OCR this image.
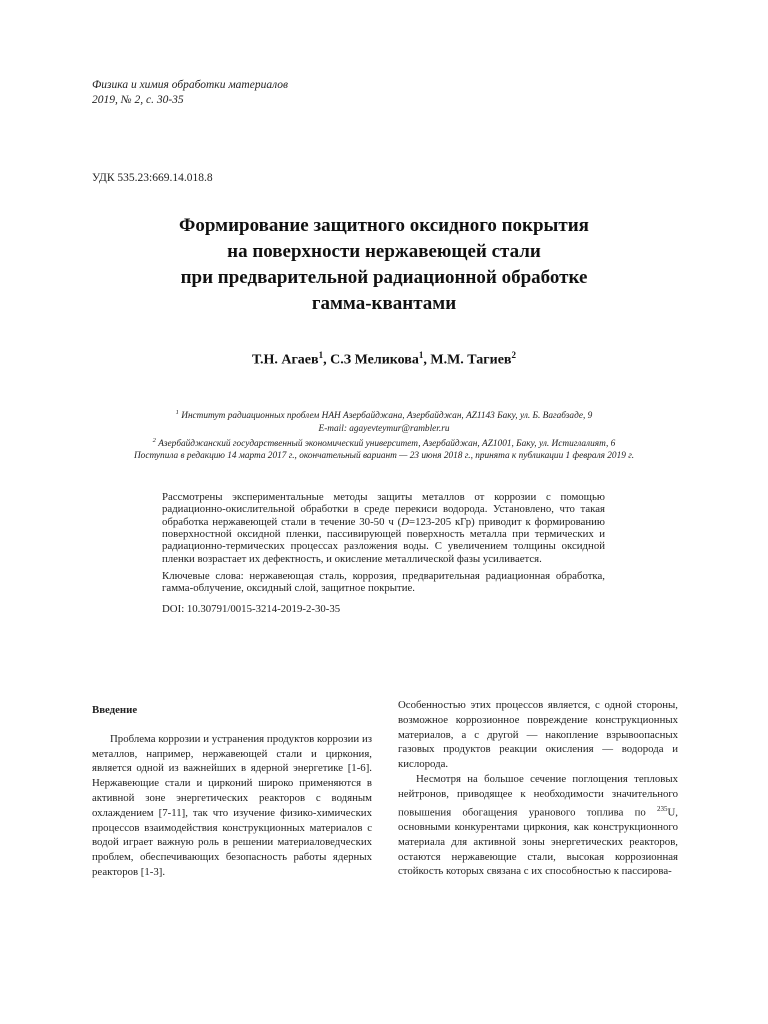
Физика и химия обработки материалов
2019, № 2, с. 30-35
УДК 535.23:669.14.018.8
Формирование защитного оксидного покрытия
на поверхности нержавеющей стали
при предварительной радиационной обработке
гамма-квантами
Т.Н. Агаев$^1$, С.З Меликова$^1$, М.М. Тагиев$^2$
$^1$ Институт радиационных проблем НАН Азербайджана, Азербайджан, AZ1143 Баку, ул. Б. Вагабзаде, 9
E-mail: agayevteymur@rambler.ru
$^2$ Азербайджанский государственный экономический университет, Азербайджан, AZ1001, Баку, ул. Истиглалият, 6
Поступила в редакцию 14 марта 2017 г., окончательный вариант — 23 июня 2018 г., принята к публикации 1 февраля 2019 г.

Рассмотрены экспериментальные методы защиты металлов от коррозии с помощью радиационно-окислительной обработки в среде перекиси водорода. Установлено, что такая обработка нержавеющей стали в течение 30-50 ч (D=123-205 кГр) приводит к формированию поверхностной оксидной пленки, пассивирующей поверхность металла при термических и радиационно-термических процессах разложения воды. С увеличением толщины оксидной пленки возрастает их дефектность, и окисление металлической фазы усиливается.

Ключевые слова: нержавеющая сталь, коррозия, предварительная радиационная обработка, гамма-облучение, оксидный слой, защитное покрытие.

DOI: 10.30791/0015-3214-2019-2-30-35

Введение

Проблема коррозии и устранения продуктов коррозии из металлов, например, нержавеющей стали и циркония, является одной из важнейших в ядерной энергетике [1-6]. Нержавеющие стали и цирконий широко применяются в активной зоне энергетических реакторов с водяным охлаждением [7-11], так что изучение физико-химических процессов взаимодействия конструкционных материалов с водой играет важную роль в решении материаловедческих проблем, обеспечивающих безопасность работы ядерных реакторов [1-3].

Особенностью этих процессов является, с одной стороны, возможное коррозионное повреждение конструкционных материалов, а с другой — накопление взрывоопасных газовых продуктов реакции окисления — водорода и кислорода.

Несмотря на большое сечение поглощения тепловых нейтронов, приводящее к необходимости значительного повышения обогащения уранового топлива по $^{235}$U, основными конкурентами циркония, как конструкционного материала для активной зоны энергетических реакторов, остаются нержавеющие стали, высокая коррозионная стойкость которых связана с их способностью к пассирова-
